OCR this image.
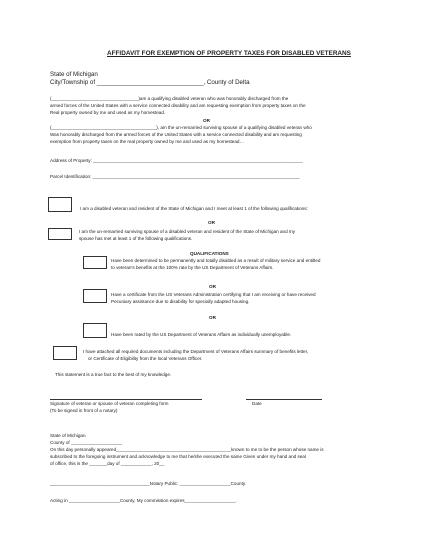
AFFIDAVIT FOR EXEMPTION OF PROPERTY TAXES FOR DISABLED VETERANS
State of Michigan
City/Township of _______________________________, County of Delta
(__________________________________)am a qualifying disabled veteran who was honorably discharged from the
armed forces of the United States with a service connected disability and am requesting exemption from property taxes on the
Real property owned by me and used as my homestead.
OR
(_________________________________________), am the un-remarried surviving spouse of a qualifying disabled veteran who
Was honorably discharged from the armed forces of the United States with a service connected disability and am requesting
exemption from property taxes on the real property owned by me and used as my homestead…
Address of Property: __________________________________________________________________________________
Parcel Identification: _________________________________________________________________________________
I am a disabled veteran and resident of the State of Michigan and I meet at least 1 of the following qualifications:
OR
I am the un-remarried surviving spouse of a disabled veteran and resident of the State of Michigan and my
spouse has met at least 1 of the following qualifications.
QUALIFICATIONS
Have been determined to be permanently and totally disabled as a result of military service and entitled
to veteran’s benefits at the 100% rate by the US Department of Veterans Affairs.
OR
Have a certificate from the US Veterans Administration certifying that I am receiving or have received
Pecuniary assistance due to disability for specially adapted housing.
OR
Have been rated by the US Department of Veterans Affairs as individually unemployable.
I have attached all required documents including the Department of Veterans Affairs summary of benefits letter,
or Certificate of Eligibility from the local Veterans Officer.
This statement is a true fact to the best of my knowledge.
Signature of veteran or spouse of veteran completing form	Date
(To be signed in front of a notary)
State of Michigan
County of ____________________
On this day personally appeared_____________________________________________known to me to be the person whose name is
subscribed to the foregoing instrument and acknowledge to me that he/she executed the same Given under my hand and seal
of office, this is the _______day of ____________, 20__
_______________________________________Notary Public: ____________________County.
Acting in ____________________County. My commission expires____________________.
